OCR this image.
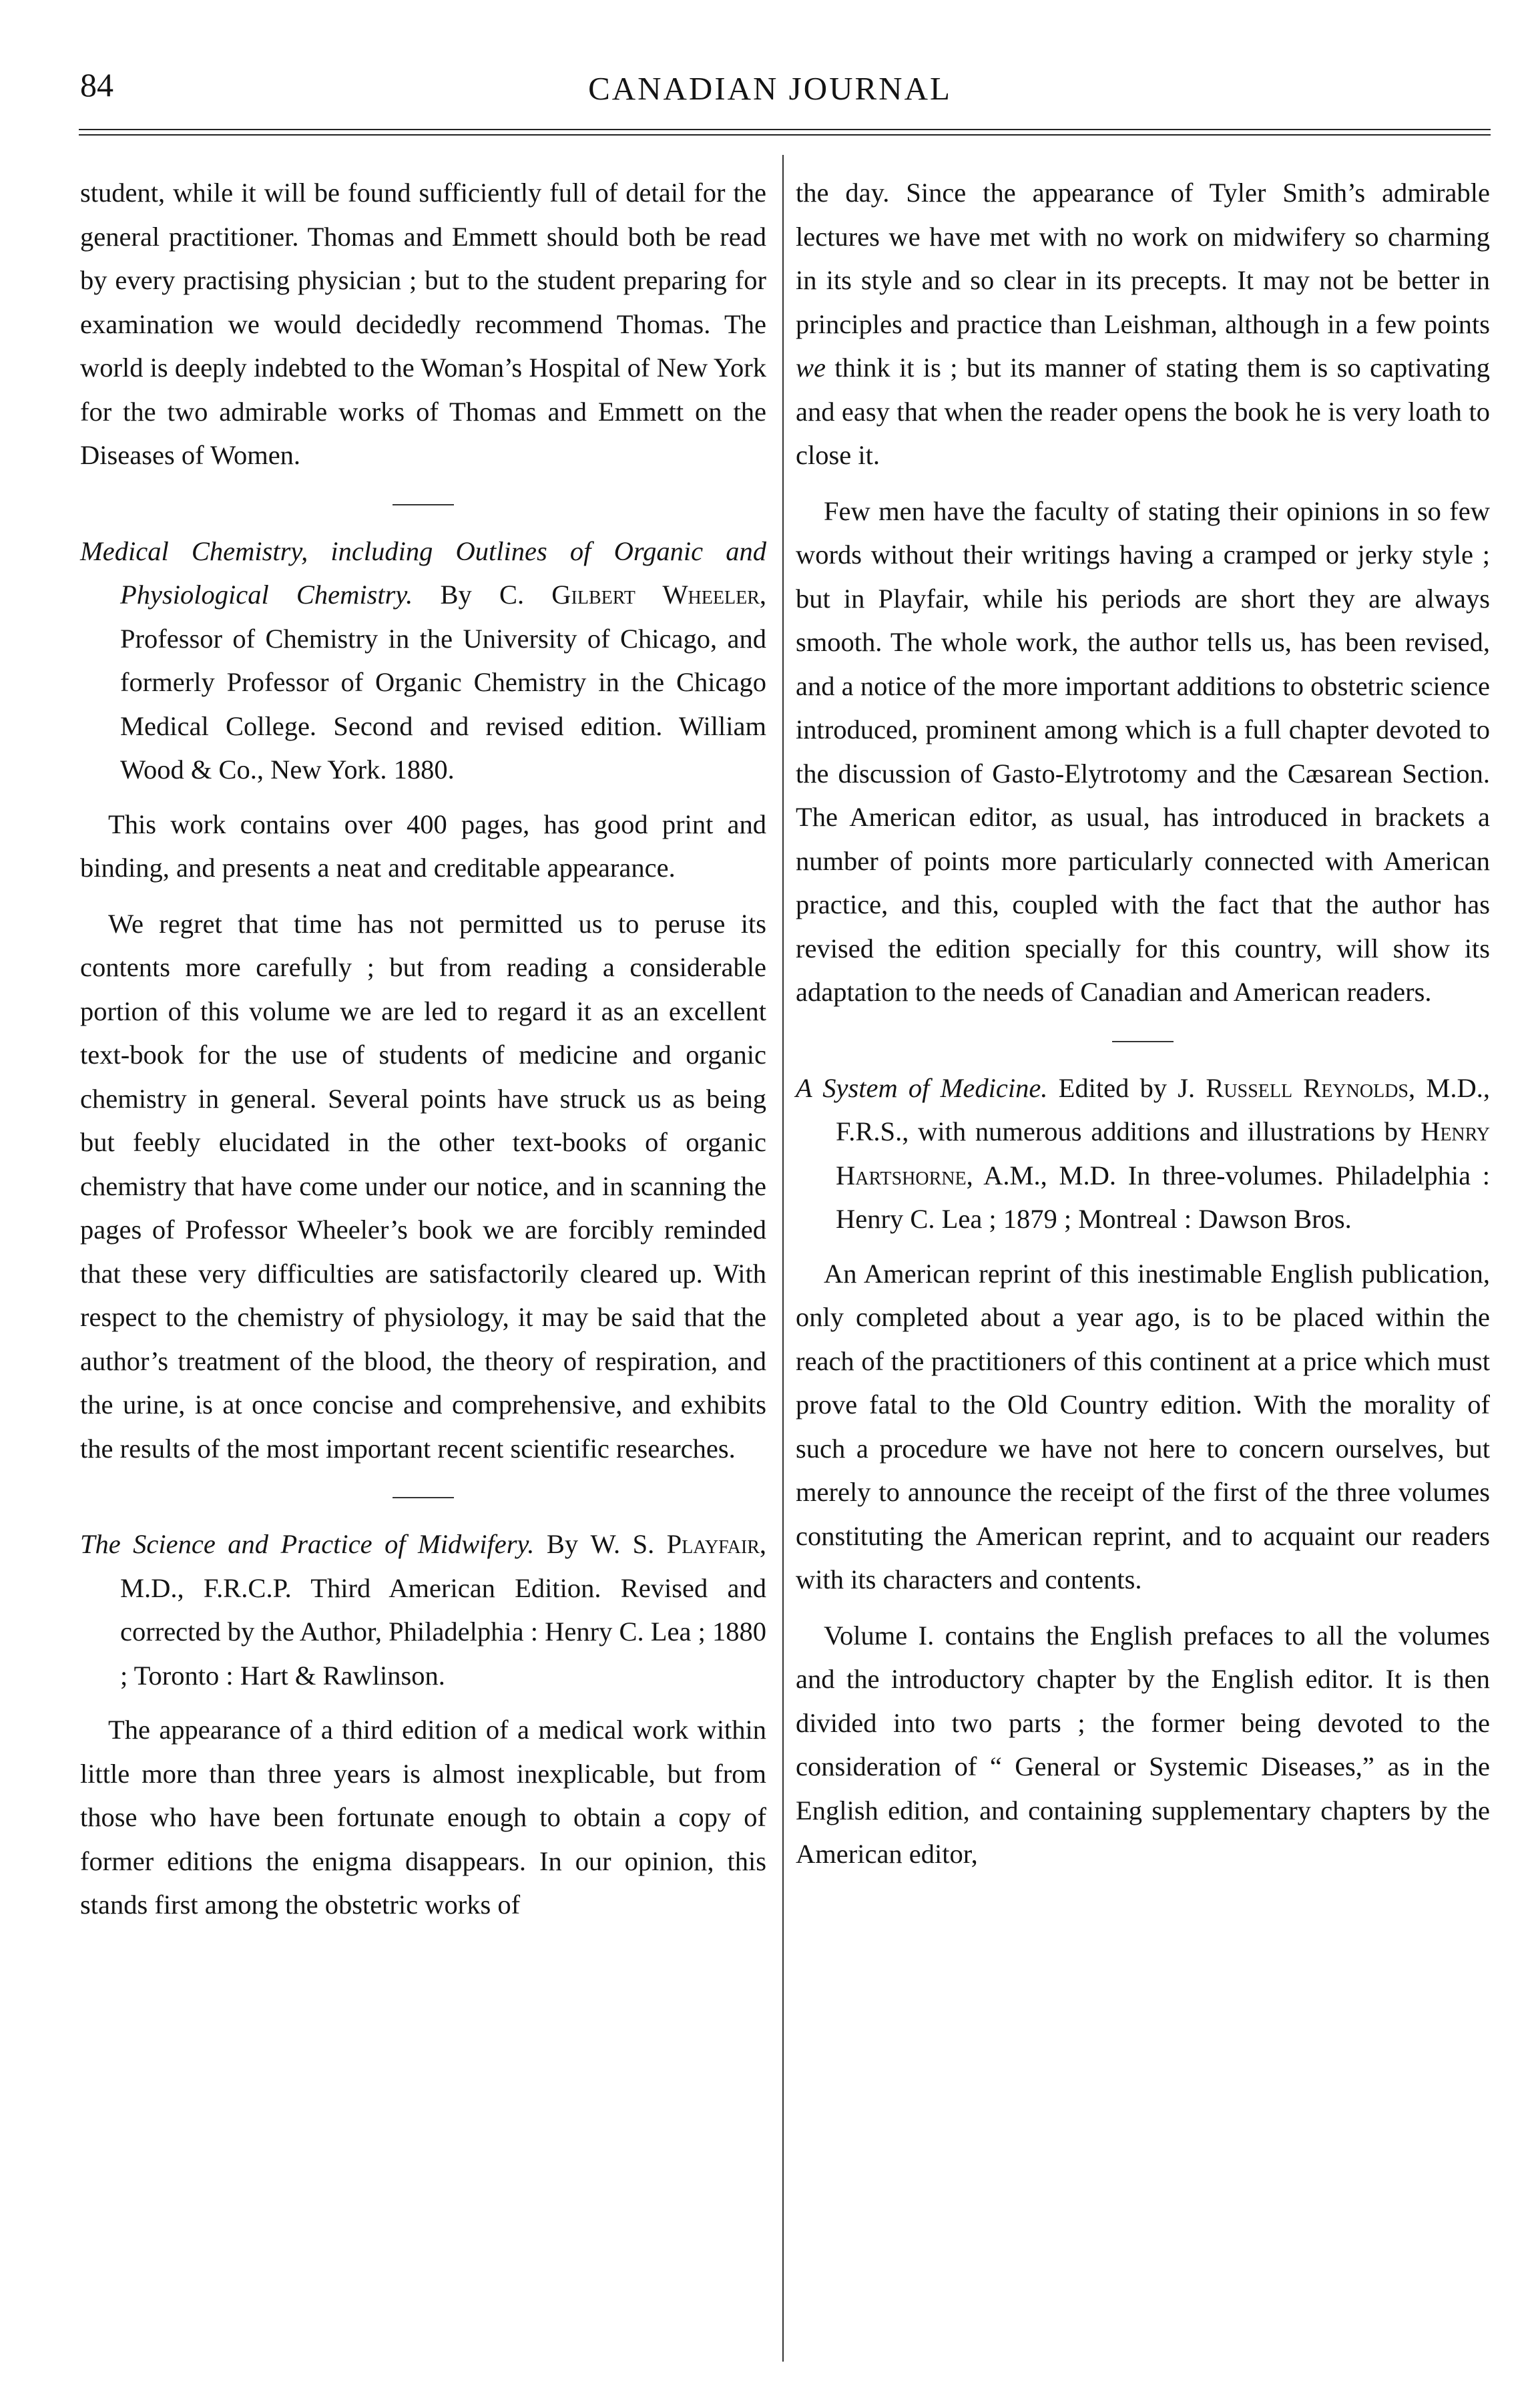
84	CANADIAN JOURNAL

student, while it will be found sufficiently full of detail for the general practitioner. Thomas and Emmett should both be read by every practising physician ; but to the student preparing for examination we would decidedly recommend Thomas. The world is deeply indebted to the Woman’s Hospital of New York for the two admirable works of Thomas and Emmett on the Diseases of Women.

Medical Chemistry, including Outlines of Organic and Physiological Chemistry. By C. Gilbert Wheeler, Professor of Chemistry in the University of Chicago, and formerly Professor of Organic Chemistry in the Chicago Medical College. Second and revised edition. William Wood & Co., New York. 1880.

This work contains over 400 pages, has good print and binding, and presents a neat and creditable appearance.

We regret that time has not permitted us to peruse its contents more carefully ; but from reading a considerable portion of this volume we are led to regard it as an excellent text-book for the use of students of medicine and organic chemistry in general. Several points have struck us as being but feebly elucidated in the other text-books of organic chemistry that have come under our notice, and in scanning the pages of Professor Wheeler’s book we are forcibly reminded that these very difficulties are satisfactorily cleared up. With respect to the chemistry of physiology, it may be said that the author’s treatment of the blood, the theory of respiration, and the urine, is at once concise and comprehensive, and exhibits the results of the most important recent scientific researches.

The Science and Practice of Midwifery. By W. S. Playfair, M.D., F.R.C.P. Third American Edition. Revised and corrected by the Author, Philadelphia : Henry C. Lea ; 1880 ; Toronto : Hart & Rawlinson.

The appearance of a third edition of a medical work within little more than three years is almost inexplicable, but from those who have been fortunate enough to obtain a copy of former editions the enigma disappears. In our opinion, this stands first among the obstetric works of

the day. Since the appearance of Tyler Smith’s admirable lectures we have met with no work on midwifery so charming in its style and so clear in its precepts. It may not be better in principles and practice than Leishman, although in a few points we think it is ; but its manner of stating them is so captivating and easy that when the reader opens the book he is very loath to close it.

Few men have the faculty of stating their opinions in so few words without their writings having a cramped or jerky style ; but in Playfair, while his periods are short they are always smooth. The whole work, the author tells us, has been revised, and a notice of the more important additions to obstetric science introduced, prominent among which is a full chapter devoted to the discussion of Gasto-Elytrotomy and the Cæsarean Section. The American editor, as usual, has introduced in brackets a number of points more particularly connected with American practice, and this, coupled with the fact that the author has revised the edition specially for this country, will show its adaptation to the needs of Canadian and American readers.

A System of Medicine. Edited by J. Russell Reynolds, M.D., F.R.S., with numerous additions and illustrations by Henry Hartshorne, A.M., M.D. In three-volumes. Philadelphia : Henry C. Lea ; 1879 ; Montreal : Dawson Bros.

An American reprint of this inestimable English publication, only completed about a year ago, is to be placed within the reach of the practitioners of this continent at a price which must prove fatal to the Old Country edition. With the morality of such a procedure we have not here to concern ourselves, but merely to announce the receipt of the first of the three volumes constituting the American reprint, and to acquaint our readers with its characters and contents.

Volume I. contains the English prefaces to all the volumes and the introductory chapter by the English editor. It is then divided into two parts ; the former being devoted to the consideration of “ General or Systemic Diseases,” as in the English edition, and containing supplementary chapters by the American editor,
